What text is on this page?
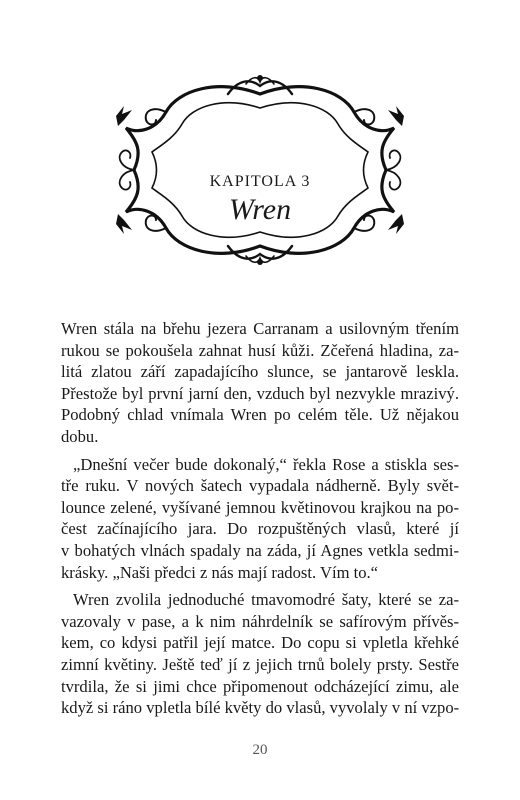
KAPITOLA 3
Wren

Wren stála na břehu jezera Carranam a usilovným třením
rukou se pokoušela zahnat husí kůži. Zčeřená hladina, za-
litá zlatou září zapadajícího slunce, se jantarově leskla.
Přestože byl první jarní den, vzduch byl nezvykle mrazivý.
Podobný chlad vnímala Wren po celém těle. Už nějakou
dobu.

„Dnešní večer bude dokonalý,“ řekla Rose a stiskla ses-
tře ruku. V nových šatech vypadala nádherně. Byly svět-
lounce zelené, vyšívané jemnou květinovou krajkou na po-
čest začínajícího jara. Do rozpuštěných vlasů, které jí
v bohatých vlnách spadaly na záda, jí Agnes vetkla sedmi-
krásky. „Naši předci z nás mají radost. Vím to.“

Wren zvolila jednoduché tmavomodré šaty, které se za-
vazovaly v pase, a k nim náhrdelník se safírovým přívěs-
kem, co kdysi patřil její matce. Do copu si vpletla křehké
zimní květiny. Ještě teď jí z jejich trnů bolely prsty. Sestře
tvrdila, že si jimi chce připomenout odcházející zimu, ale
když si ráno vpletla bílé květy do vlasů, vyvolaly v ní vzpo-

20
